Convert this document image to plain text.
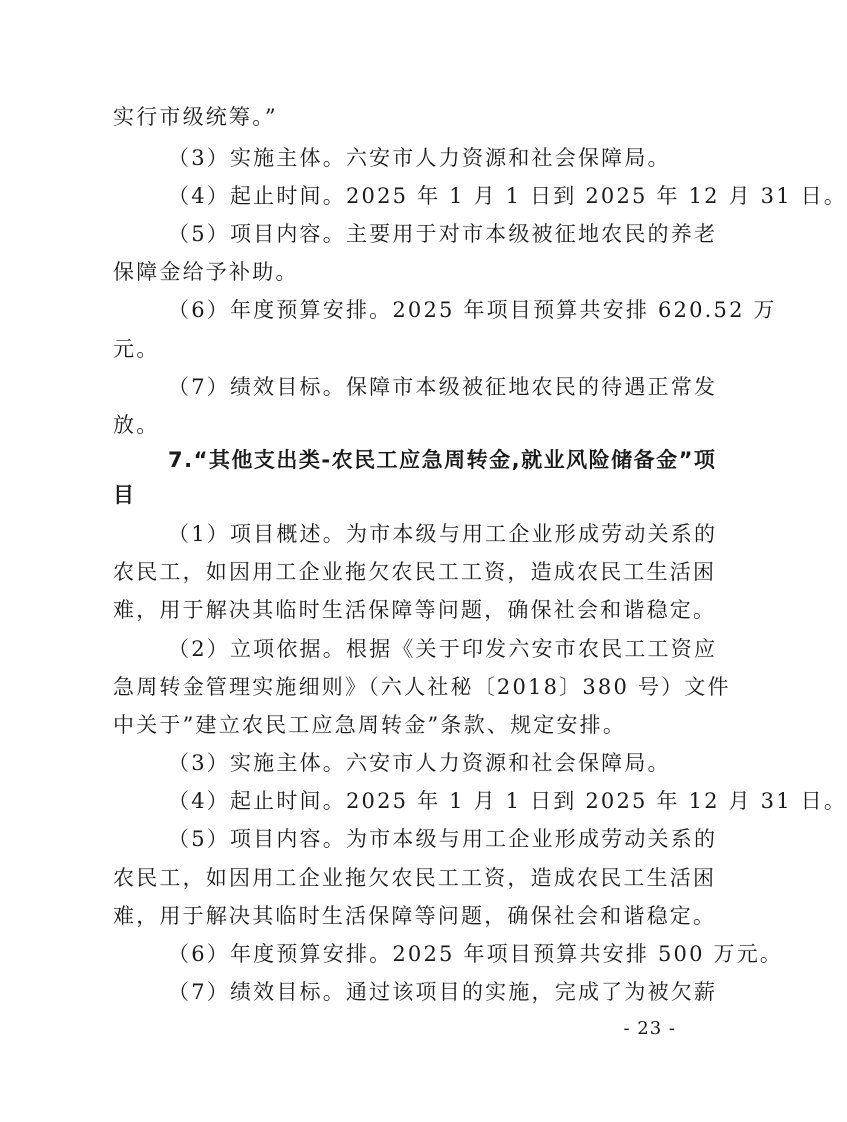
实行市级统筹。”
（3）实施主体。六安市人力资源和社会保障局。
（4）起止时间。2025 年 1 月 1 日到 2025 年 12 月 31 日。
（5）项目内容。主要用于对市本级被征地农民的养老
保障金给予补助。
（6）年度预算安排。2025 年项目预算共安排 620.52 万
元。
（7）绩效目标。保障市本级被征地农民的待遇正常发
放。
7.“其他支出类-农民工应急周转金,就业风险储备金”项
目
（1）项目概述。为市本级与用工企业形成劳动关系的
农民工，如因用工企业拖欠农民工工资，造成农民工生活困
难，用于解决其临时生活保障等问题，确保社会和谐稳定。
（2）立项依据。根据《关于印发六安市农民工工资应
急周转金管理实施细则》（六人社秘〔2018〕380 号）文件
中关于”建立农民工应急周转金”条款、规定安排。
（3）实施主体。六安市人力资源和社会保障局。
（4）起止时间。2025 年 1 月 1 日到 2025 年 12 月 31 日。
（5）项目内容。为市本级与用工企业形成劳动关系的
农民工，如因用工企业拖欠农民工工资，造成农民工生活困
难，用于解决其临时生活保障等问题，确保社会和谐稳定。
（6）年度预算安排。2025 年项目预算共安排 500 万元。
（7）绩效目标。通过该项目的实施，完成了为被欠薪
- 23 -
